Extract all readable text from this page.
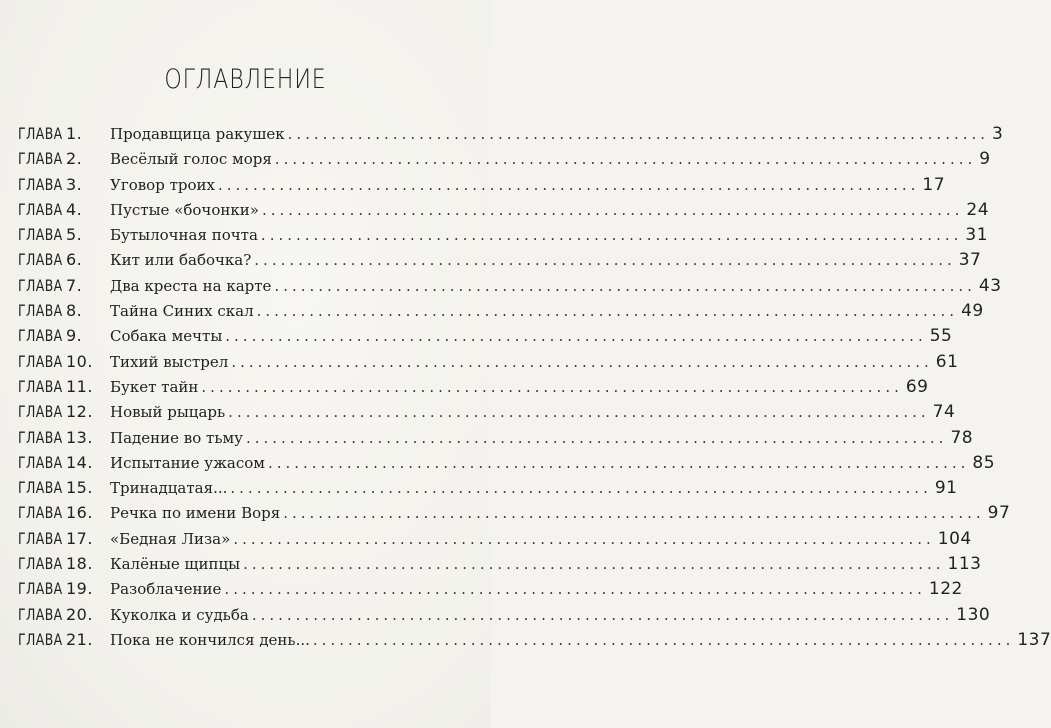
ОГЛАВЛЕНИЕ
ГЛАВА 1.	Продавщица ракушек ................................................................................ 3
ГЛАВА 2.	Весёлый голос моря ................................................................................ 9
ГЛАВА 3.	Уговор троих ................................................................................ 17
ГЛАВА 4.	Пустые «бочонки» ................................................................................ 24
ГЛАВА 5.	Бутылочная почта ................................................................................ 31
ГЛАВА 6.	Кит или бабочка? ................................................................................ 37
ГЛАВА 7.	Два креста на карте ................................................................................ 43
ГЛАВА 8.	Тайна Синих скал ................................................................................ 49
ГЛАВА 9.	Собака мечты ................................................................................ 55
ГЛАВА 10.	Тихий выстрел ................................................................................ 61
ГЛАВА 11.	Букет тайн ................................................................................ 69
ГЛАВА 12.	Новый рыцарь ................................................................................ 74
ГЛАВА 13.	Падение во тьму ................................................................................ 78
ГЛАВА 14.	Испытание ужасом ................................................................................ 85
ГЛАВА 15.	Тринадцатая... ................................................................................ 91
ГЛАВА 16.	Речка по имени Воря ................................................................................ 97
ГЛАВА 17.	«Бедная Лиза» ................................................................................ 104
ГЛАВА 18.	Калёные щипцы ................................................................................ 113
ГЛАВА 19.	Разоблачение ................................................................................ 122
ГЛАВА 20.	Куколка и судьба ................................................................................ 130
ГЛАВА 21.	Пока не кончился день... ................................................................................ 137
